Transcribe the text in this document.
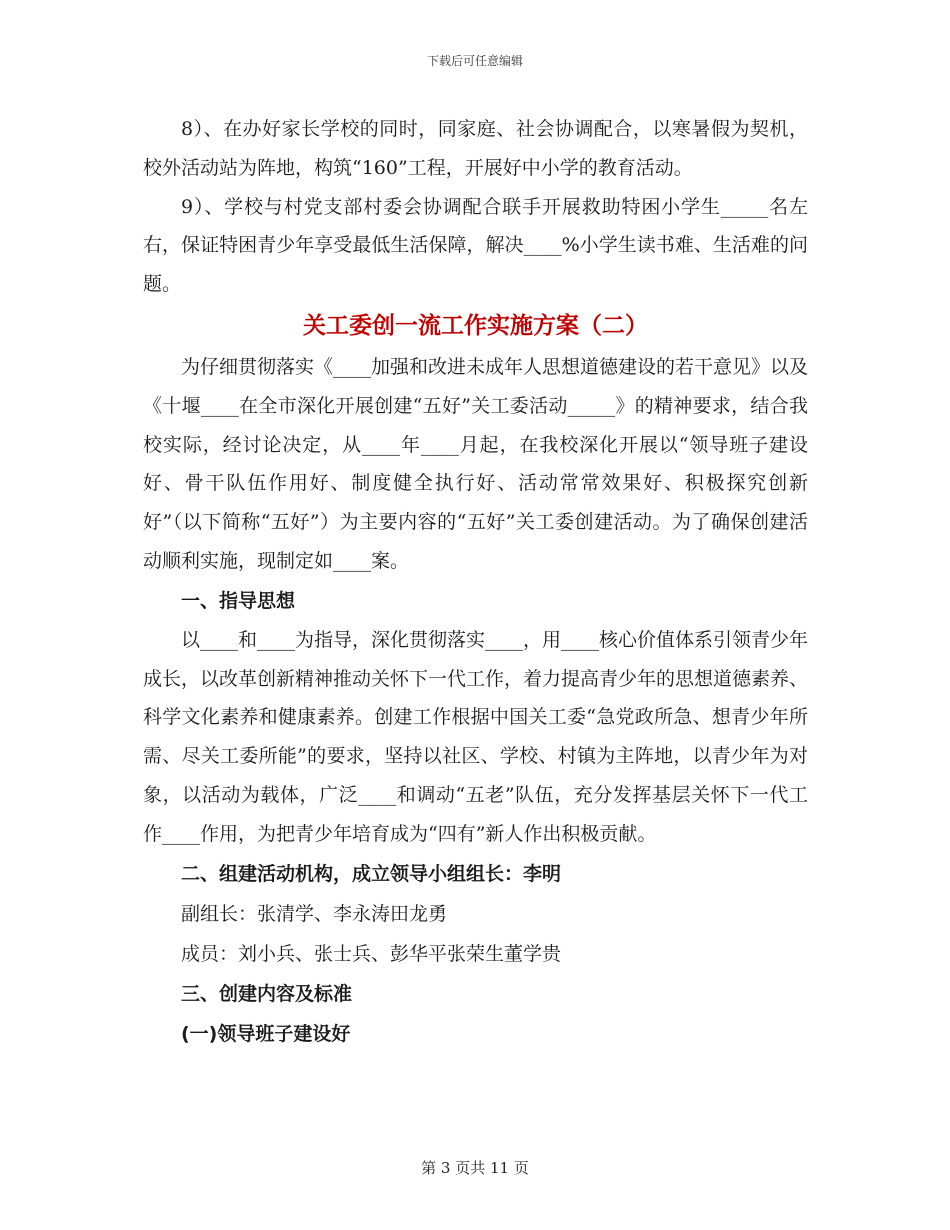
下载后可任意编辑

8）、在办好家长学校的同时，同家庭、社会协调配合，以寒暑假为契机，校外活动站为阵地，构筑“160”工程，开展好中小学的教育活动。

9）、学校与村党支部村委会协调配合联手开展救助特困小学生_____名左右，保证特困青少年享受最低生活保障，解决____%小学生读书难、生活难的问题。

关工委创一流工作实施方案（二）

为仔细贯彻落实《____加强和改进未成年人思想道德建设的若干意见》以及《十堰____在全市深化开展创建“五好”关工委活动_____》的精神要求，结合我校实际，经讨论决定，从____年____月起，在我校深化开展以“领导班子建设好、骨干队伍作用好、制度健全执行好、活动常常效果好、积极探究创新好”（以下简称“五好”）为主要内容的“五好”关工委创建活动。为了确保创建活动顺利实施，现制定如____案。

一、指导思想

以____和____为指导，深化贯彻落实____，用____核心价值体系引领青少年成长，以改革创新精神推动关怀下一代工作，着力提高青少年的思想道德素养、科学文化素养和健康素养。创建工作根据中国关工委“急党政所急、想青少年所需、尽关工委所能”的要求，坚持以社区、学校、村镇为主阵地，以青少年为对象，以活动为载体，广泛____和调动“五老”队伍，充分发挥基层关怀下一代工作____作用，为把青少年培育成为“四有”新人作出积极贡献。

二、组建活动机构，成立领导小组组长：李明

副组长：张清学、李永涛田龙勇

成员：刘小兵、张士兵、彭华平张荣生董学贵

三、创建内容及标准
(一)领导班子建设好
第 3 页共 11 页
